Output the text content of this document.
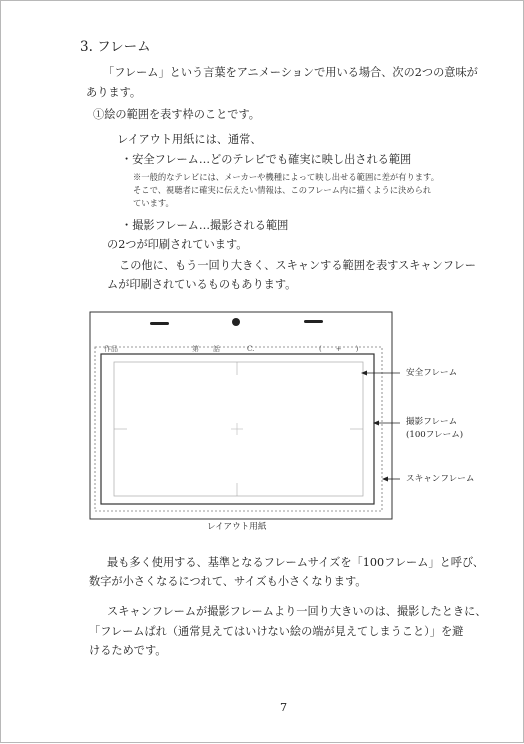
3. フレーム
「フレーム」という言葉をアニメーションで用いる場合、次の2つの意味が
あります。
①絵の範囲を表す枠のことです。
レイアウト用紙には、通常、
・安全フレーム…どのテレビでも確実に映し出される範囲
※一般的なテレビには、メーカーや機種によって映し出せる範囲に差が有ります。
そこで、視聴者に確実に伝えたい情報は、このフレーム内に描くように決められ
ています。
・撮影フレーム…撮影される範囲
の2つが印刷されています。
この他に、もう一回り大きく、スキャンする範囲を表すスキャンフレー
ムが印刷されているものもあります。
作品	第　　話	C.	(　　+　　)
安全フレーム
撮影フレーム
(100フレーム)
スキャンフレーム
レイアウト用紙
最も多く使用する、基準となるフレームサイズを「100フレーム」と呼び、
数字が小さくなるにつれて、サイズも小さくなります。
スキャンフレームが撮影フレームより一回り大きいのは、撮影したときに、
「フレームぱれ（通常見えてはいけない絵の端が見えてしまうこと）」を避
けるためです。
7
